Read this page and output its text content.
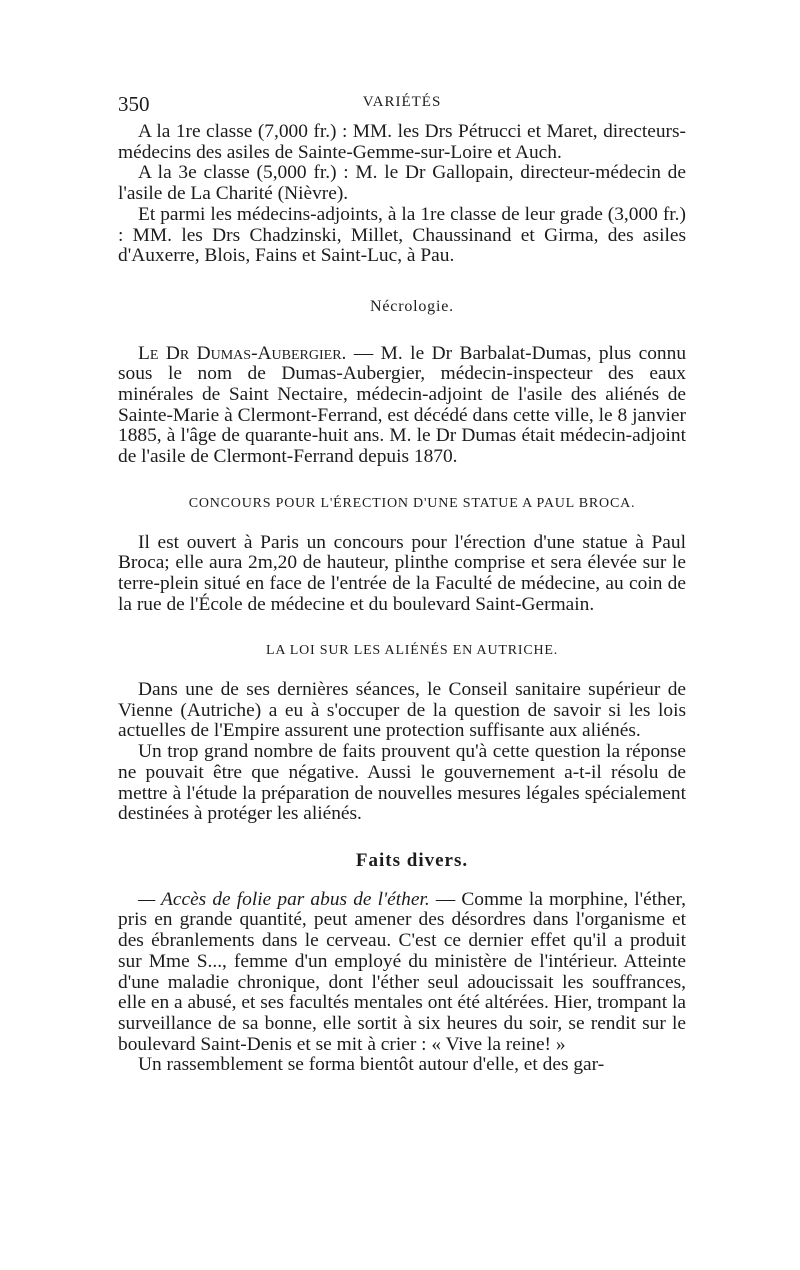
350	VARIÉTÉS

A la 1re classe (7,000 fr.) : MM. les Drs Pétrucci et Maret, directeurs-médecins des asiles de Sainte-Gemme-sur-Loire et Auch.

A la 3e classe (5,000 fr.) : M. le Dr Gallopain, directeur-médecin de l'asile de La Charité (Nièvre).

Et parmi les médecins-adjoints, à la 1re classe de leur grade (3,000 fr.) : MM. les Drs Chadzinski, Millet, Chaussinand et Girma, des asiles d'Auxerre, Blois, Fains et Saint-Luc, à Pau.

Nécrologie.

Le Dr Dumas-Aubergier. — M. le Dr Barbalat-Dumas, plus connu sous le nom de Dumas-Aubergier, médecin-inspecteur des eaux minérales de Saint Nectaire, médecin-adjoint de l'asile des aliénés de Sainte-Marie à Clermont-Ferrand, est décédé dans cette ville, le 8 janvier 1885, à l'âge de quarante-huit ans. M. le Dr Dumas était médecin-adjoint de l'asile de Clermont-Ferrand depuis 1870.

CONCOURS POUR L'ÉRECTION D'UNE STATUE A PAUL BROCA.

Il est ouvert à Paris un concours pour l'érection d'une statue à Paul Broca; elle aura 2m,20 de hauteur, plinthe comprise et sera élevée sur le terre-plein situé en face de l'entrée de la Faculté de médecine, au coin de la rue de l'École de médecine et du boulevard Saint-Germain.

LA LOI SUR LES ALIÉNÉS EN AUTRICHE.

Dans une de ses dernières séances, le Conseil sanitaire supérieur de Vienne (Autriche) a eu à s'occuper de la question de savoir si les lois actuelles de l'Empire assurent une protection suffisante aux aliénés.

Un trop grand nombre de faits prouvent qu'à cette question la réponse ne pouvait être que négative. Aussi le gouvernement a-t-il résolu de mettre à l'étude la préparation de nouvelles mesures légales spécialement destinées à protéger les aliénés.

Faits divers.

— Accès de folie par abus de l'éther. — Comme la morphine, l'éther, pris en grande quantité, peut amener des désordres dans l'organisme et des ébranlements dans le cerveau. C'est ce dernier effet qu'il a produit sur Mme S..., femme d'un employé du ministère de l'intérieur. Atteinte d'une maladie chronique, dont l'éther seul adoucissait les souffrances, elle en a abusé, et ses facultés mentales ont été altérées. Hier, trompant la surveillance de sa bonne, elle sortit à six heures du soir, se rendit sur le boulevard Saint-Denis et se mit à crier : « Vive la reine! »

Un rassemblement se forma bientôt autour d'elle, et des gar-
